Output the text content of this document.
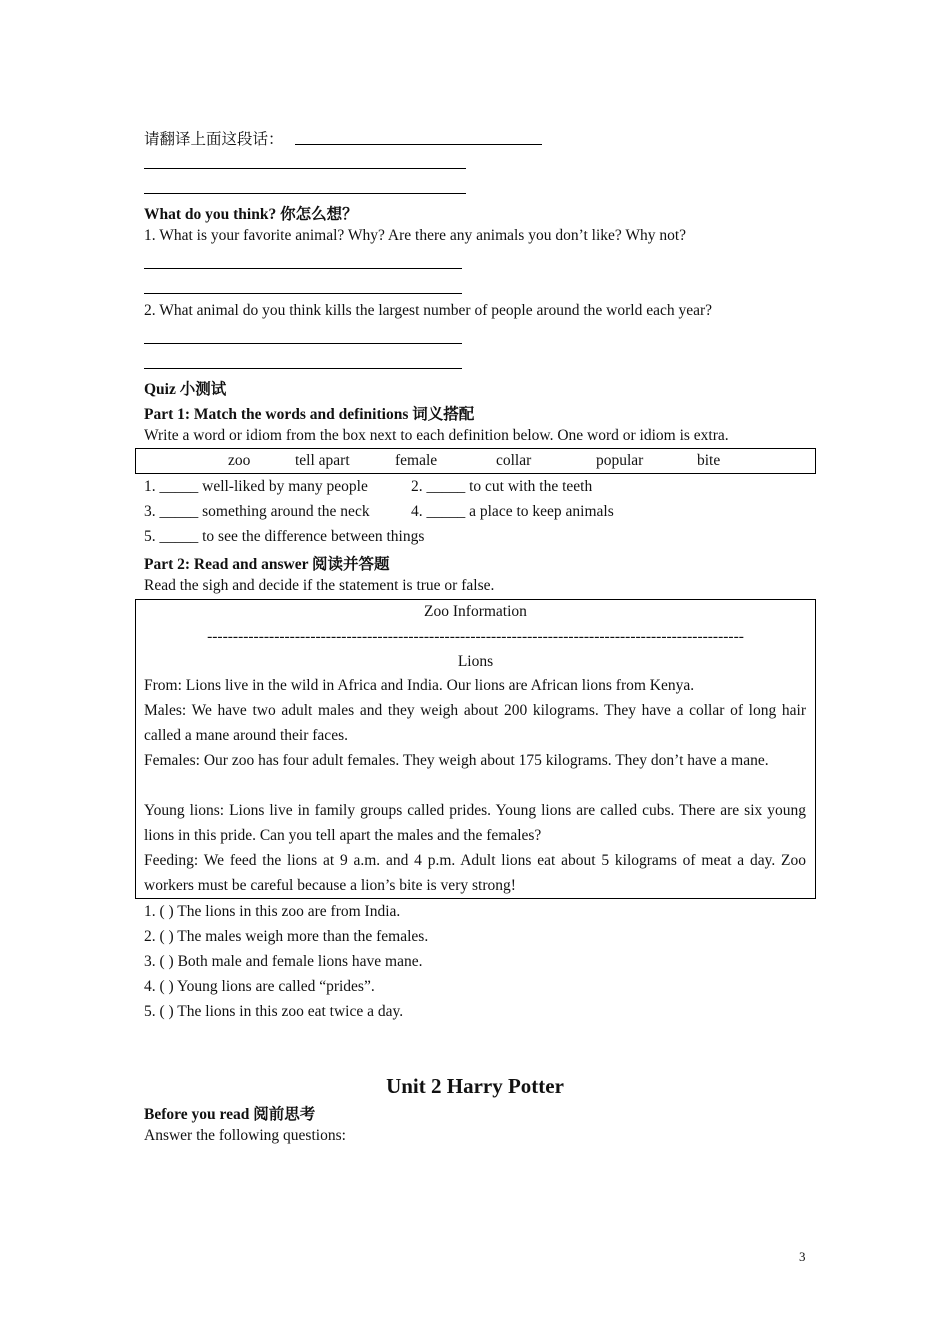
请翻译上面这段话：
What do you think? 你怎么想？
1. What is your favorite animal? Why? Are there any animals you don’t like? Why not?
2. What animal do you think kills the largest number of people around the world each year?
Quiz 小测试
Part 1: Match the words and definitions 词义搭配
Write a word or idiom from the box next to each definition below. One word or idiom is extra.
zoo	tell apart	female	collar	popular	bite
1. _____ well-liked by many people	2. _____ to cut with the teeth
3. _____ something around the neck	4. _____ a place to keep animals
5. _____ to see the difference between things
Part 2: Read and answer 阅读并答题
Read the sigh and decide if the statement is true or false.
Zoo Information
--------------------------------------------------------------------------------------------------------
Lions
From: Lions live in the wild in Africa and India. Our lions are African lions from Kenya.
Males: We have two adult males and they weigh about 200 kilograms. They have a collar of long hair called a mane around their faces.
Females: Our zoo has four adult females. They weigh about 175 kilograms. They don’t have a mane.
Young lions: Lions live in family groups called prides. Young lions are called cubs. There are six young lions in this pride. Can you tell apart the males and the females?
Feeding: We feed the lions at 9 a.m. and 4 p.m. Adult lions eat about 5 kilograms of meat a day. Zoo workers must be careful because a lion’s bite is very strong!
1. ( ) The lions in this zoo are from India.
2. ( ) The males weigh more than the females.
3. ( ) Both male and female lions have mane.
4. ( ) Young lions are called “prides”.
5. ( ) The lions in this zoo eat twice a day.
Unit 2 Harry Potter
Before you read 阅前思考
Answer the following questions:
3
